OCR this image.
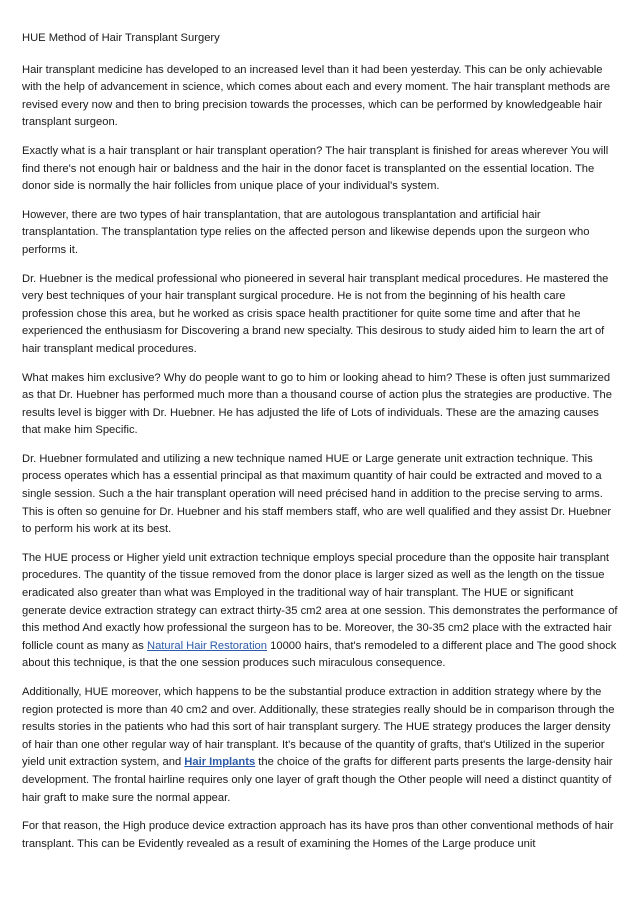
HUE Method of Hair Transplant Surgery

Hair transplant medicine has developed to an increased level than it had been yesterday. This can be only achievable with the help of advancement in science, which comes about each and every moment. The hair transplant methods are revised every now and then to bring precision towards the processes, which can be performed by knowledgeable hair transplant surgeon.

Exactly what is a hair transplant or hair transplant operation? The hair transplant is finished for areas wherever You will find there's not enough hair or baldness and the hair in the donor facet is transplanted on the essential location. The donor side is normally the hair follicles from unique place of your individual's system.

However, there are two types of hair transplantation, that are autologous transplantation and artificial hair transplantation. The transplantation type relies on the affected person and likewise depends upon the surgeon who performs it.

Dr. Huebner is the medical professional who pioneered in several hair transplant medical procedures. He mastered the very best techniques of your hair transplant surgical procedure. He is not from the beginning of his health care profession chose this area, but he worked as crisis space health practitioner for quite some time and after that he experienced the enthusiasm for Discovering a brand new specialty. This desirous to study aided him to learn the art of hair transplant medical procedures.

What makes him exclusive? Why do people want to go to him or looking ahead to him? These is often just summarized as that Dr. Huebner has performed much more than a thousand course of action plus the strategies are productive. The results level is bigger with Dr. Huebner. He has adjusted the life of Lots of individuals. These are the amazing causes that make him Specific.

Dr. Huebner formulated and utilizing a new technique named HUE or Large generate unit extraction technique. This process operates which has a essential principal as that maximum quantity of hair could be extracted and moved to a single session. Such a the hair transplant operation will need précised hand in addition to the precise serving to arms. This is often so genuine for Dr. Huebner and his staff members staff, who are well qualified and they assist Dr. Huebner to perform his work at its best.

The HUE process or Higher yield unit extraction technique employs special procedure than the opposite hair transplant procedures. The quantity of the tissue removed from the donor place is larger sized as well as the length on the tissue eradicated also greater than what was Employed in the traditional way of hair transplant. The HUE or significant generate device extraction strategy can extract thirty-35 cm2 area at one session. This demonstrates the performance of this method And exactly how professional the surgeon has to be. Moreover, the 30-35 cm2 place with the extracted hair follicle count as many as Natural Hair Restoration 10000 hairs, that's remodeled to a different place and The good shock about this technique, is that the one session produces such miraculous consequence.

Additionally, HUE moreover, which happens to be the substantial produce extraction in addition strategy where by the region protected is more than 40 cm2 and over. Additionally, these strategies really should be in comparison through the results stories in the patients who had this sort of hair transplant surgery. The HUE strategy produces the larger density of hair than one other regular way of hair transplant. It's because of the quantity of grafts, that's Utilized in the superior yield unit extraction system, and Hair Implants the choice of the grafts for different parts presents the large-density hair development. The frontal hairline requires only one layer of graft though the Other people will need a distinct quantity of hair graft to make sure the normal appear.

For that reason, the High produce device extraction approach has its have pros than other conventional methods of hair transplant. This can be Evidently revealed as a result of examining the Homes of the Large produce unit
